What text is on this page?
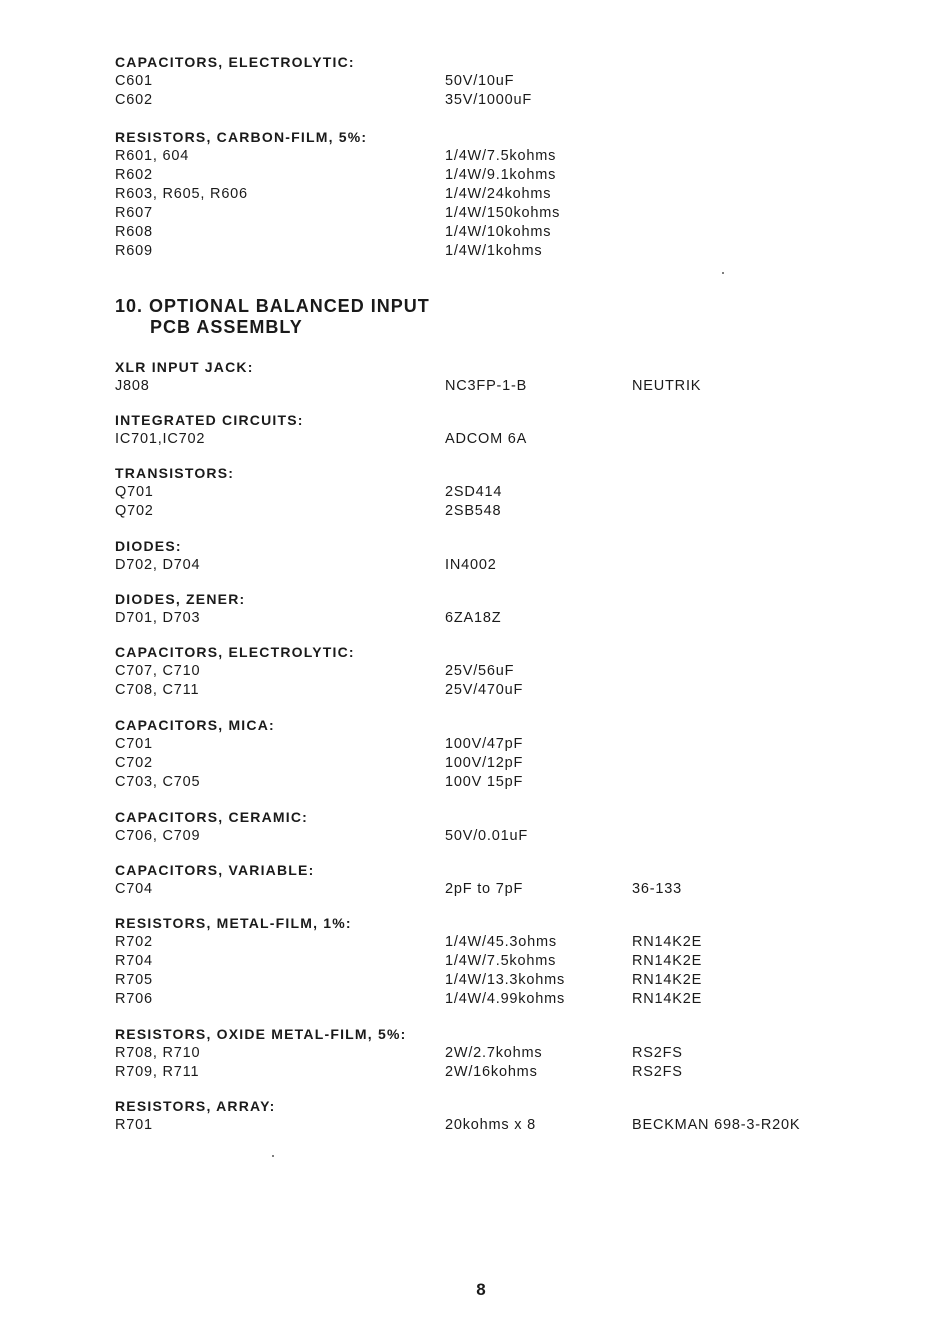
CAPACITORS, ELECTROLYTIC:
C601	50V/10uF
C602	35V/1000uF
RESISTORS, CARBON-FILM, 5%:
R601, 604	1/4W/7.5kohms
R602	1/4W/9.1kohms
R603, R605, R606	1/4W/24kohms
R607	1/4W/150kohms
R608	1/4W/10kohms
R609	1/4W/1kohms
XLR INPUT JACK:
J808	NC3FP-1-B	NEUTRIK
INTEGRATED CIRCUITS:
IC701,IC702	ADCOM 6A
TRANSISTORS:
Q701	2SD414
Q702	2SB548
DIODES:
D702, D704	IN4002
DIODES, ZENER:
D701, D703	6ZA18Z
CAPACITORS, ELECTROLYTIC:
C707, C710	25V/56uF
C708, C711	25V/470uF
CAPACITORS, MICA:
C701	100V/47pF
C702	100V/12pF
C703, C705	100V 15pF
CAPACITORS, CERAMIC:
C706, C709	50V/0.01uF
CAPACITORS, VARIABLE:
C704	2pF to 7pF	36-133
RESISTORS, METAL-FILM, 1%:
R702	1/4W/45.3ohms	RN14K2E
R704	1/4W/7.5kohms	RN14K2E
R705	1/4W/13.3kohms	RN14K2E
R706	1/4W/4.99kohms	RN14K2E
RESISTORS, OXIDE METAL-FILM, 5%:
R708, R710	2W/2.7kohms	RS2FS
R709, R711	2W/16kohms	RS2FS
RESISTORS, ARRAY:
R701	20kohms x 8	BECKMAN 698-3-R20K
10. OPTIONAL BALANCED INPUT
PCB ASSEMBLY
8
